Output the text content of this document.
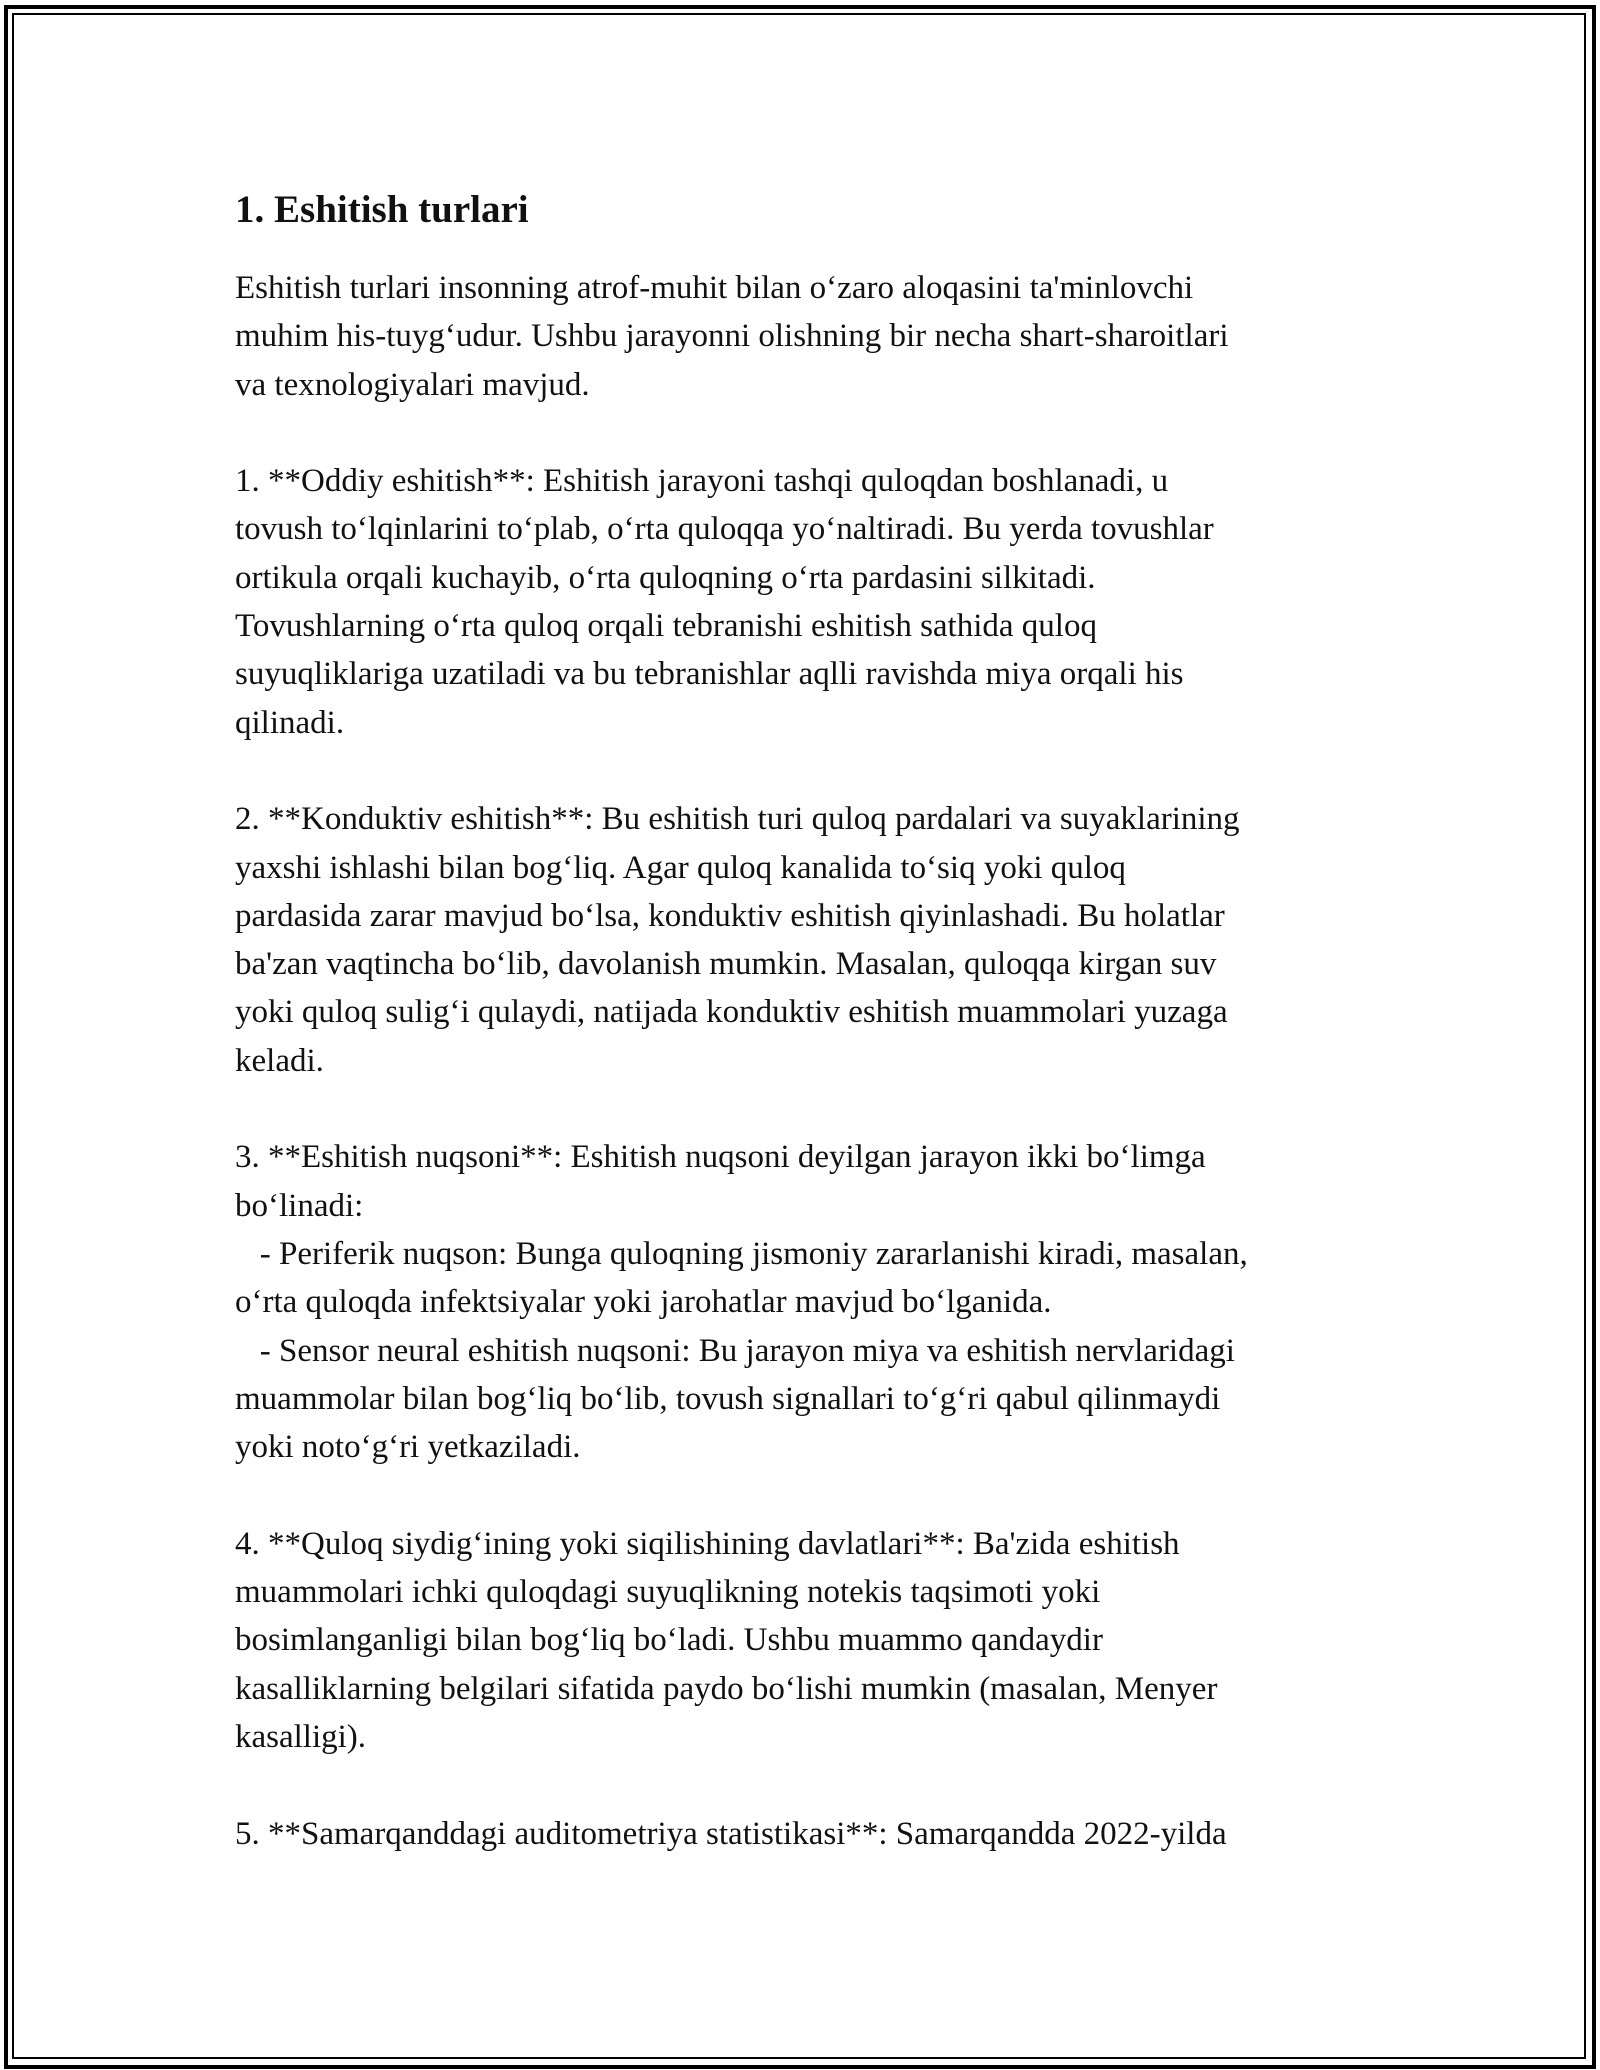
1. Eshitish turlari

Eshitish turlari insonning atrof-muhit bilan o‘zaro aloqasini ta'minlovchi
muhim his-tuyg‘udur. Ushbu jarayonni olishning bir necha shart-sharoitlari
va texnologiyalari mavjud.

1. **Oddiy eshitish**: Eshitish jarayoni tashqi quloqdan boshlanadi, u
tovush to‘lqinlarini to‘plab, o‘rta quloqqa yo‘naltiradi. Bu yerda tovushlar
ortikula orqali kuchayib, o‘rta quloqning o‘rta pardasini silkitadi.
Tovushlarning o‘rta quloq orqali tebranishi eshitish sathida quloq
suyuqliklariga uzatiladi va bu tebranishlar aqlli ravishda miya orqali his
qilinadi.

2. **Konduktiv eshitish**: Bu eshitish turi quloq pardalari va suyaklarining
yaxshi ishlashi bilan bog‘liq. Agar quloq kanalida to‘siq yoki quloq
pardasida zarar mavjud bo‘lsa, konduktiv eshitish qiyinlashadi. Bu holatlar
ba'zan vaqtincha bo‘lib, davolanish mumkin. Masalan, quloqqa kirgan suv
yoki quloq sulig‘i qulaydi, natijada konduktiv eshitish muammolari yuzaga
keladi.

3. **Eshitish nuqsoni**: Eshitish nuqsoni deyilgan jarayon ikki bo‘limga
bo‘linadi:
- Periferik nuqson: Bunga quloqning jismoniy zararlanishi kiradi, masalan,
o‘rta quloqda infektsiyalar yoki jarohatlar mavjud bo‘lganida.
- Sensor neural eshitish nuqsoni: Bu jarayon miya va eshitish nervlaridagi
muammolar bilan bog‘liq bo‘lib, tovush signallari to‘g‘ri qabul qilinmaydi
yoki noto‘g‘ri yetkaziladi.

4. **Quloq siydig‘ining yoki siqilishining davlatlari**: Ba'zida eshitish
muammolari ichki quloqdagi suyuqlikning notekis taqsimoti yoki
bosimlanganligi bilan bog‘liq bo‘ladi. Ushbu muammo qandaydir
kasalliklarning belgilari sifatida paydo bo‘lishi mumkin (masalan, Menyer
kasalligi).

5. **Samarqanddagi auditometriya statistikasi**: Samarqandda 2022-yilda
